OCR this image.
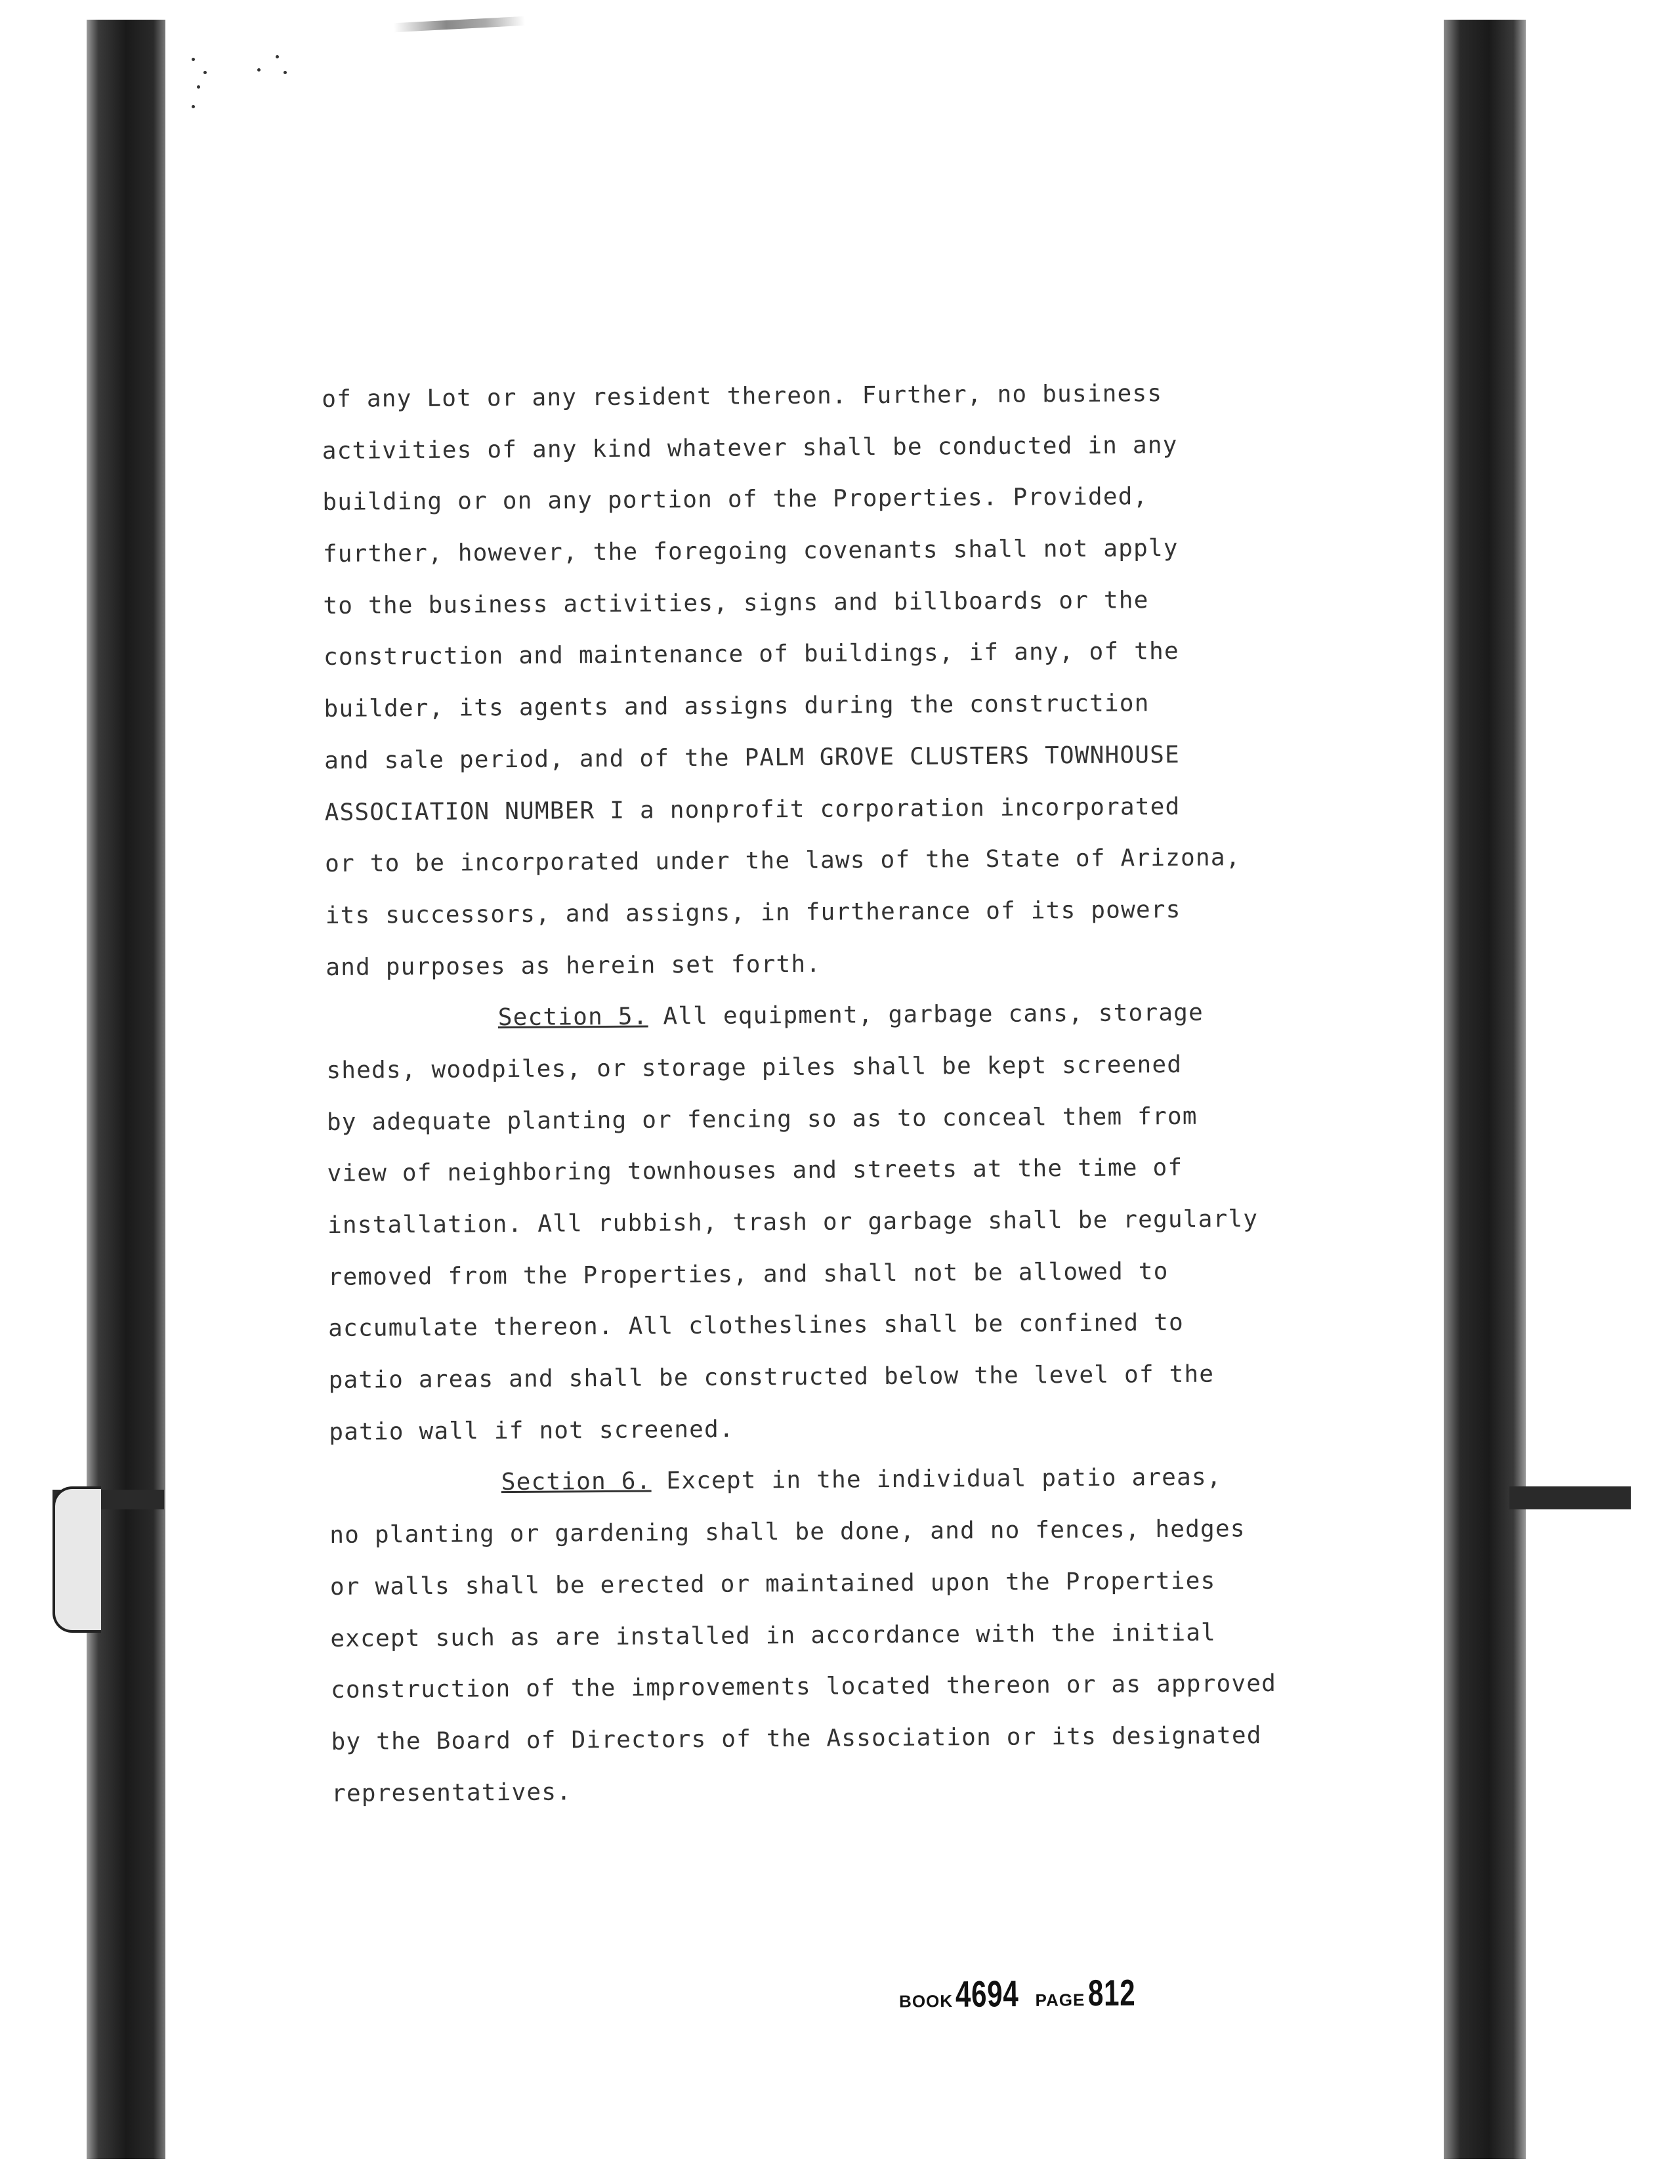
of any Lot or any resident thereon. Further, no business
activities of any kind whatever shall be conducted in any
building or on any portion of the Properties. Provided,
further, however, the foregoing covenants shall not apply
to the business activities, signs and billboards or the
construction and maintenance of buildings, if any, of the
builder, its agents and assigns during the construction
and sale period, and of the PALM GROVE CLUSTERS TOWNHOUSE
ASSOCIATION NUMBER I a nonprofit corporation incorporated
or to be incorporated under the laws of the State of Arizona,
its successors, and assigns, in furtherance of its powers
and purposes as herein set forth.
Section 5. All equipment, garbage cans, storage
sheds, woodpiles, or storage piles shall be kept screened
by adequate planting or fencing so as to conceal them from
view of neighboring townhouses and streets at the time of
installation. All rubbish, trash or garbage shall be regularly
removed from the Properties, and shall not be allowed to
accumulate thereon. All clotheslines shall be confined to
patio areas and shall be constructed below the level of the
patio wall if not screened.
Section 6. Except in the individual patio areas,
no planting or gardening shall be done, and no fences, hedges
or walls shall be erected or maintained upon the Properties
except such as are installed in accordance with the initial
construction of the improvements located thereon or as approved
by the Board of Directors of the Association or its designated
representatives.
BOOK 4694 PAGE 812
